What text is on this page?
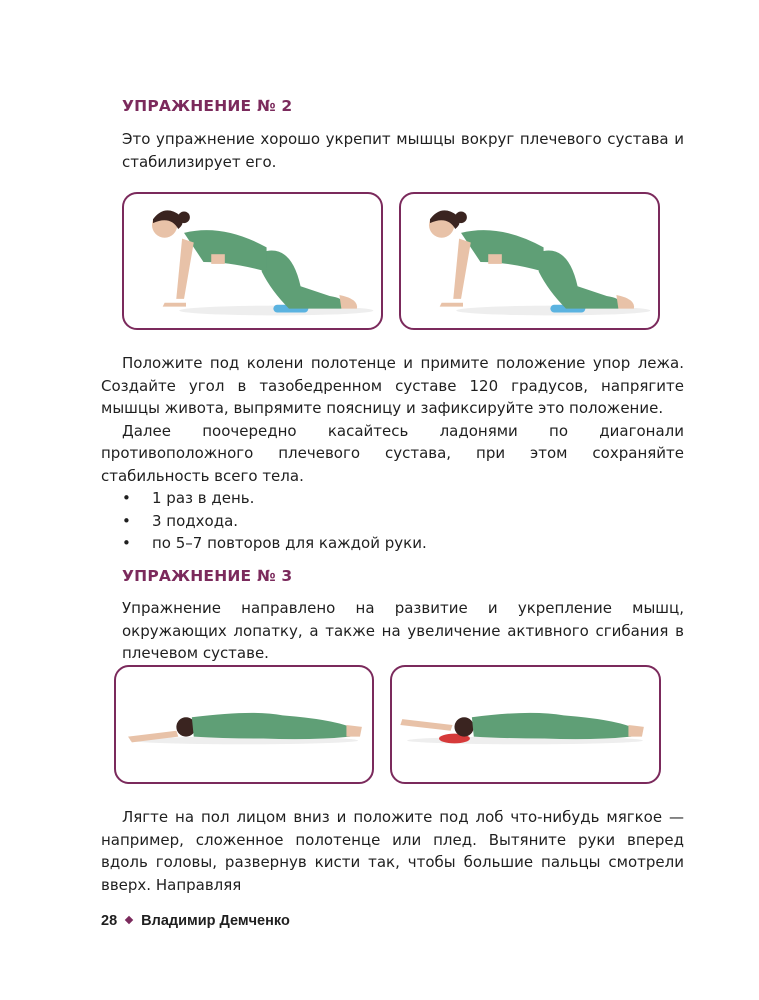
УПРАЖНЕНИЕ № 2

Это упражнение хорошо укрепит мышцы вокруг плечевого сустава и стабилизирует его.

Положите под колени полотенце и примите положение упор лежа. Создайте угол в тазобедренном суставе 120 градусов, напрягите мышцы живота, выпрямите поясницу и зафиксируйте это положение.

Далее поочередно касайтесь ладонями по диагонали противоположного плечевого сустава, при этом сохраняйте стабильность всего тела.

• 1 раз в день.
• 3 подхода.
• по 5–7 повторов для каждой руки.
УПРАЖНЕНИЕ № 3

Упражнение направлено на развитие и укрепление мышц, окружающих лопатку, а также на увеличение активного сгибания в плечевом суставе.

Лягте на пол лицом вниз и положите под лоб что-нибудь мягкое — например, сложенное полотенце или плед. Вытяните руки вперед вдоль головы, развернув кисти так, чтобы большие пальцы смотрели вверх. Направляя

28 Владимир Демченко
